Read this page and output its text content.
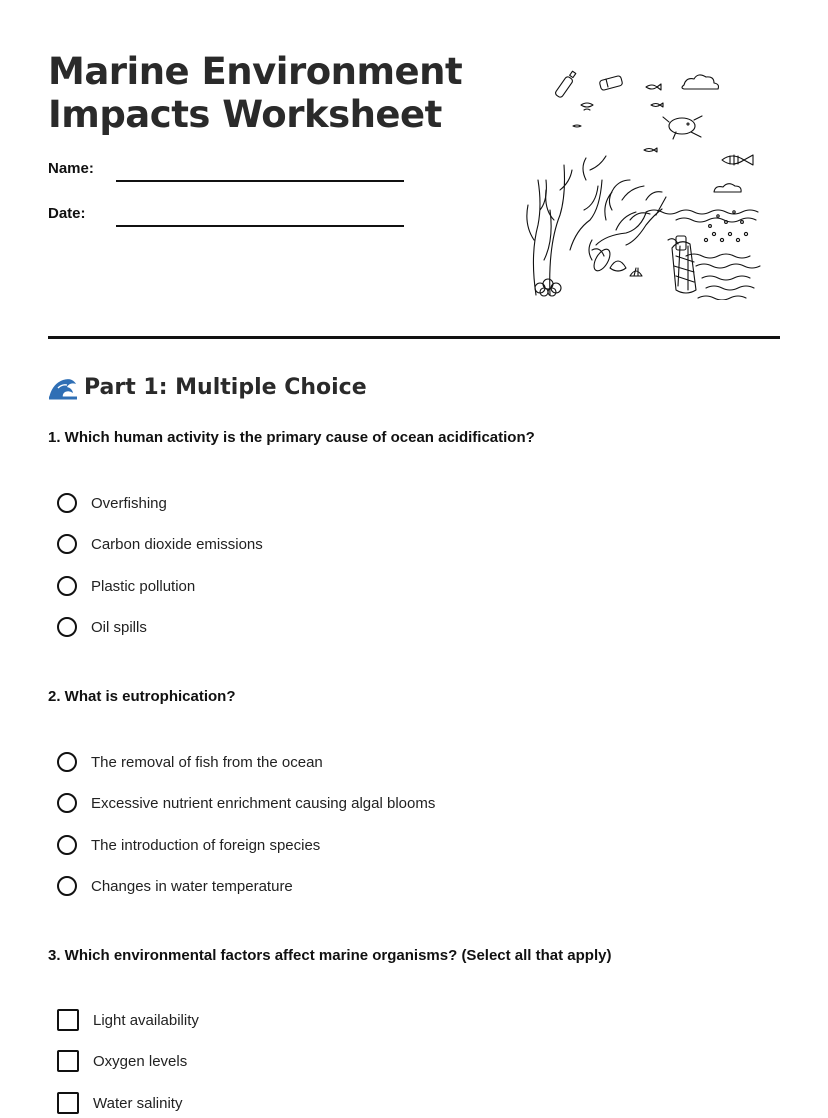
Marine Environment Impacts Worksheet
Name:
Date:
Part 1: Multiple Choice
1. Which human activity is the primary cause of ocean acidification?
Overfishing
Carbon dioxide emissions
Plastic pollution
Oil spills
2. What is eutrophication?
The removal of fish from the ocean
Excessive nutrient enrichment causing algal blooms
The introduction of foreign species
Changes in water temperature
3. Which environmental factors affect marine organisms? (Select all that apply)
Light availability
Oxygen levels
Water salinity
